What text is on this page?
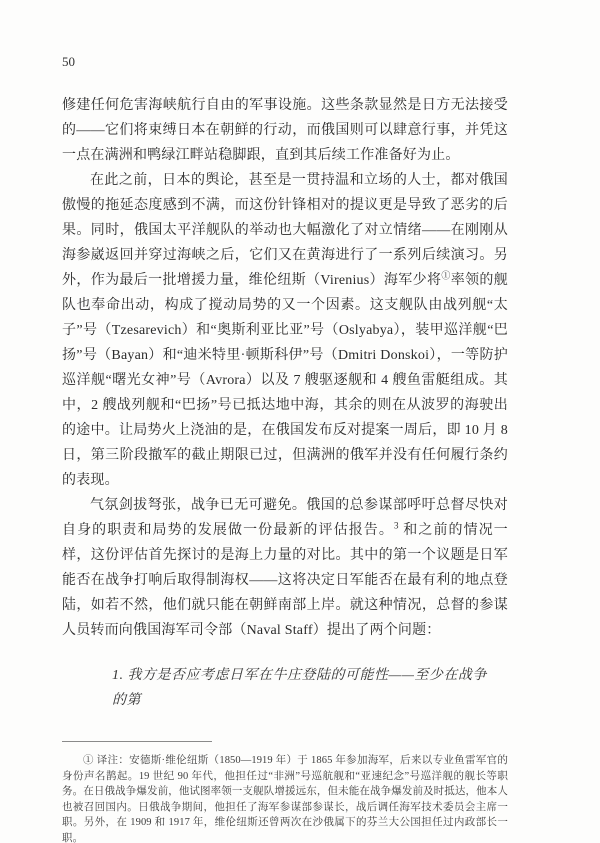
50

修建任何危害海峡航行自由的军事设施。这些条款显然是日方无法接受的——它们将束缚日本在朝鲜的行动，而俄国则可以肆意行事，并凭这一点在满洲和鸭绿江畔站稳脚跟，直到其后续工作准备好为止。

在此之前，日本的舆论，甚至是一贯持温和立场的人士，都对俄国傲慢的拖延态度感到不满，而这份针锋相对的提议更是导致了恶劣的后果。同时，俄国太平洋舰队的举动也大幅激化了对立情绪——在刚刚从海参崴返回并穿过海峡之后，它们又在黄海进行了一系列后续演习。另外，作为最后一批增援力量，维伦纽斯（Virenius）海军少将①率领的舰队也奉命出动，构成了搅动局势的又一个因素。这支舰队由战列舰“太子”号（Tzesarevich）和“奥斯利亚比亚”号（Oslyabya），装甲巡洋舰“巴扬”号（Bayan）和“迪米特里·顿斯科伊”号（Dmitri Donskoi），一等防护巡洋舰“曙光女神”号（Avrora）以及 7 艘驱逐舰和 4 艘鱼雷艇组成。其中，2 艘战列舰和“巴扬”号已抵达地中海，其余的则在从波罗的海驶出的途中。让局势火上浇油的是，在俄国发布反对提案一周后，即 10 月 8 日，第三阶段撤军的截止期限已过，但满洲的俄军并没有任何履行条约的表现。

气氛剑拔弩张，战争已无可避免。俄国的总参谋部呼吁总督尽快对自身的职责和局势的发展做一份最新的评估报告。$^3$ 和之前的情况一样，这份评估首先探讨的是海上力量的对比。其中的第一个议题是日军能否在战争打响后取得制海权——这将决定日军能否在最有利的地点登陆，如若不然，他们就只能在朝鲜南部上岸。就这种情况，总督的参谋人员转而向俄国海军司令部（Naval Staff）提出了两个问题：

1. 我方是否应考虑日军在牛庄登陆的可能性——至少在战争的第

① 译注：安德斯·维伦纽斯（1850—1919 年）于 1865 年参加海军，后来以专业鱼雷军官的身份声名鹊起。19 世纪 90 年代，他担任过“非洲”号巡航舰和“亚速纪念”号巡洋舰的舰长等职务。在日俄战争爆发前，他试图率领一支舰队增援远东，但未能在战争爆发前及时抵达，他本人也被召回国内。日俄战争期间，他担任了海军参谋部参谋长，战后调任海军技术委员会主席一职。另外，在 1909 和 1917 年，维伦纽斯还曾两次在沙俄属下的芬兰大公国担任过内政部长一职。
